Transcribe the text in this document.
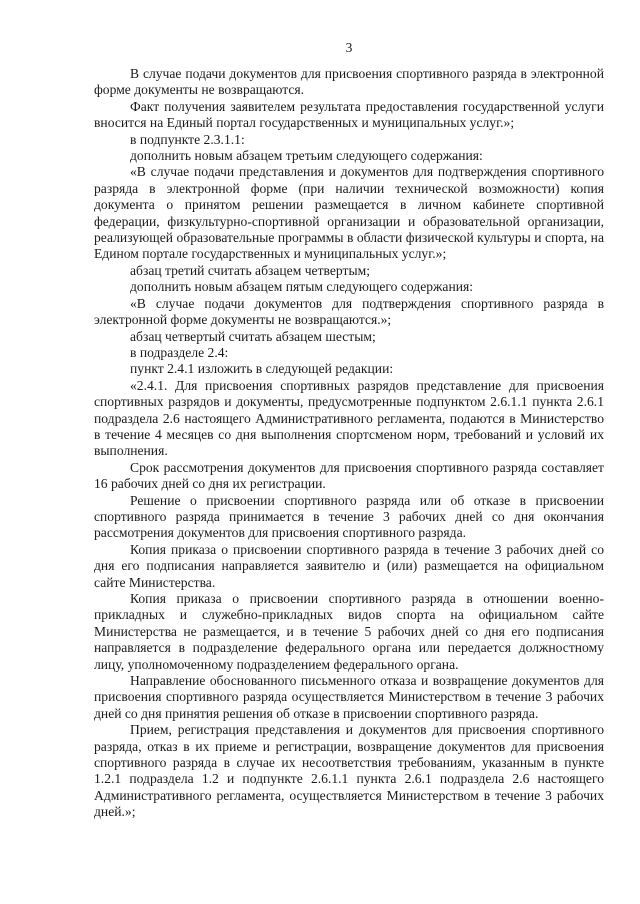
3

В случае подачи документов для присвоения спортивного разряда в электронной форме документы не возвращаются.

Факт получения заявителем результата предоставления государственной услуги вносится на Единый портал государственных и муниципальных услуг.»;

в подпункте 2.3.1.1:

дополнить новым абзацем третьим следующего содержания:

«В случае подачи представления и документов для подтверждения спортивного разряда в электронной форме (при наличии технической возможности) копия документа о принятом решении размещается в личном кабинете спортивной федерации, физкультурно-спортивной организации и образовательной организации, реализующей образовательные программы в области физической культуры и спорта, на Едином портале государственных и муниципальных услуг.»;

абзац третий считать абзацем четвертым;

дополнить новым абзацем пятым следующего содержания:

«В случае подачи документов для подтверждения спортивного разряда в электронной форме документы не возвращаются.»;

абзац четвертый считать абзацем шестым;

в подразделе 2.4:

пункт 2.4.1 изложить в следующей редакции:

«2.4.1. Для присвоения спортивных разрядов представление для присвоения спортивных разрядов и документы, предусмотренные подпунктом 2.6.1.1 пункта 2.6.1 подраздела 2.6 настоящего Административного регламента, подаются в Министерство в течение 4 месяцев со дня выполнения спортсменом норм, требований и условий их выполнения.

Срок рассмотрения документов для присвоения спортивного разряда составляет 16 рабочих дней со дня их регистрации.

Решение о присвоении спортивного разряда или об отказе в присвоении спортивного разряда принимается в течение 3 рабочих дней со дня окончания рассмотрения документов для присвоения спортивного разряда.

Копия приказа о присвоении спортивного разряда в течение 3 рабочих дней со дня его подписания направляется заявителю и (или) размещается на официальном сайте Министерства.

Копия приказа о присвоении спортивного разряда в отношении военно-прикладных и служебно-прикладных видов спорта на официальном сайте Министерства не размещается, и в течение 5 рабочих дней со дня его подписания направляется в подразделение федерального органа или передается должностному лицу, уполномоченному подразделением федерального органа.

Направление обоснованного письменного отказа и возвращение документов для присвоения спортивного разряда осуществляется Министерством в течение 3 рабочих дней со дня принятия решения об отказе в присвоении спортивного разряда.

Прием, регистрация представления и документов для присвоения спортивного разряда, отказ в их приеме и регистрации, возвращение документов для присвоения спортивного разряда в случае их несоответствия требованиям, указанным в пункте 1.2.1 подраздела 1.2 и подпункте 2.6.1.1 пункта 2.6.1 подраздела 2.6 настоящего Административного регламента, осуществляется Министерством в течение 3 рабочих дней.»;
